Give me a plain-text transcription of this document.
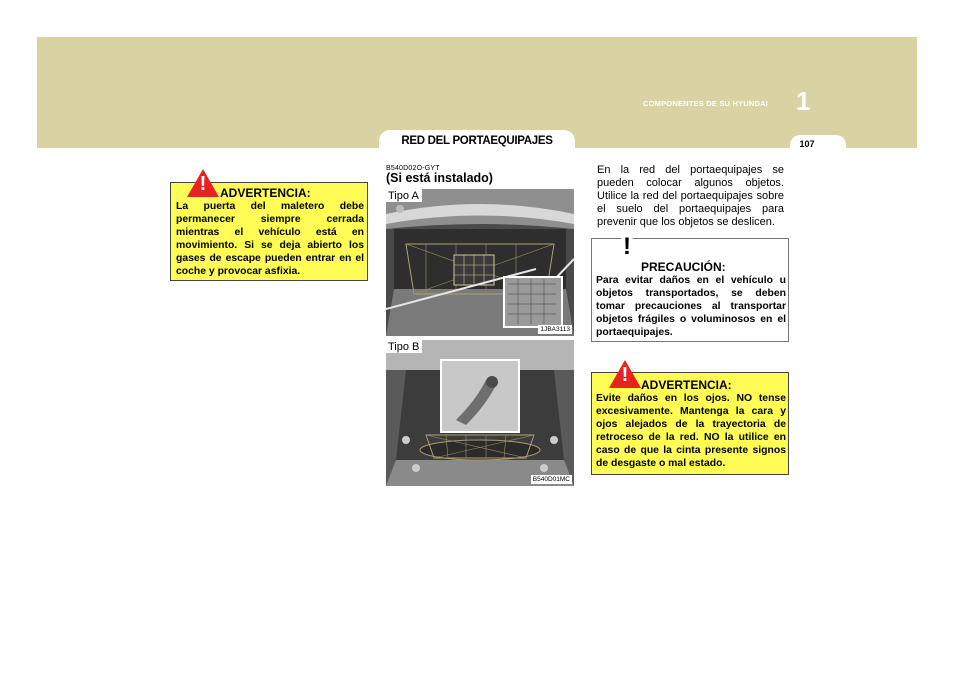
COMPONENTES DE SU HYUNDAI 1
107
RED DEL PORTAEQUIPAJES
!	ADVERTENCIA:
La puerta del maletero debe permanecer siempre cerrada mientras el vehículo está en movimiento. Si se deja abierto los gases de escape pueden entrar en el coche y provocar asfixia.
B540D02O-GYT
(Si está instalado)
Tipo A
1JBA3113
Tipo B
B540D01MC
En la red del portaequipajes se pueden colocar algunos objetos. Utilice la red del portaequipajes sobre el suelo del portaequipajes para prevenir que los objetos se deslicen.
!
PRECAUCIÓN:
Para evitar daños en el vehículo u objetos transportados, se deben tomar precauciones al transportar objetos frágiles o voluminosos en el portaequipajes.
!	ADVERTENCIA:
Evite daños en los ojos. NO tense excesivamente. Mantenga la cara y ojos alejados de la trayectoria de retroceso de la red. NO la utilice en caso de que la cinta presente signos de desgaste o mal estado.
